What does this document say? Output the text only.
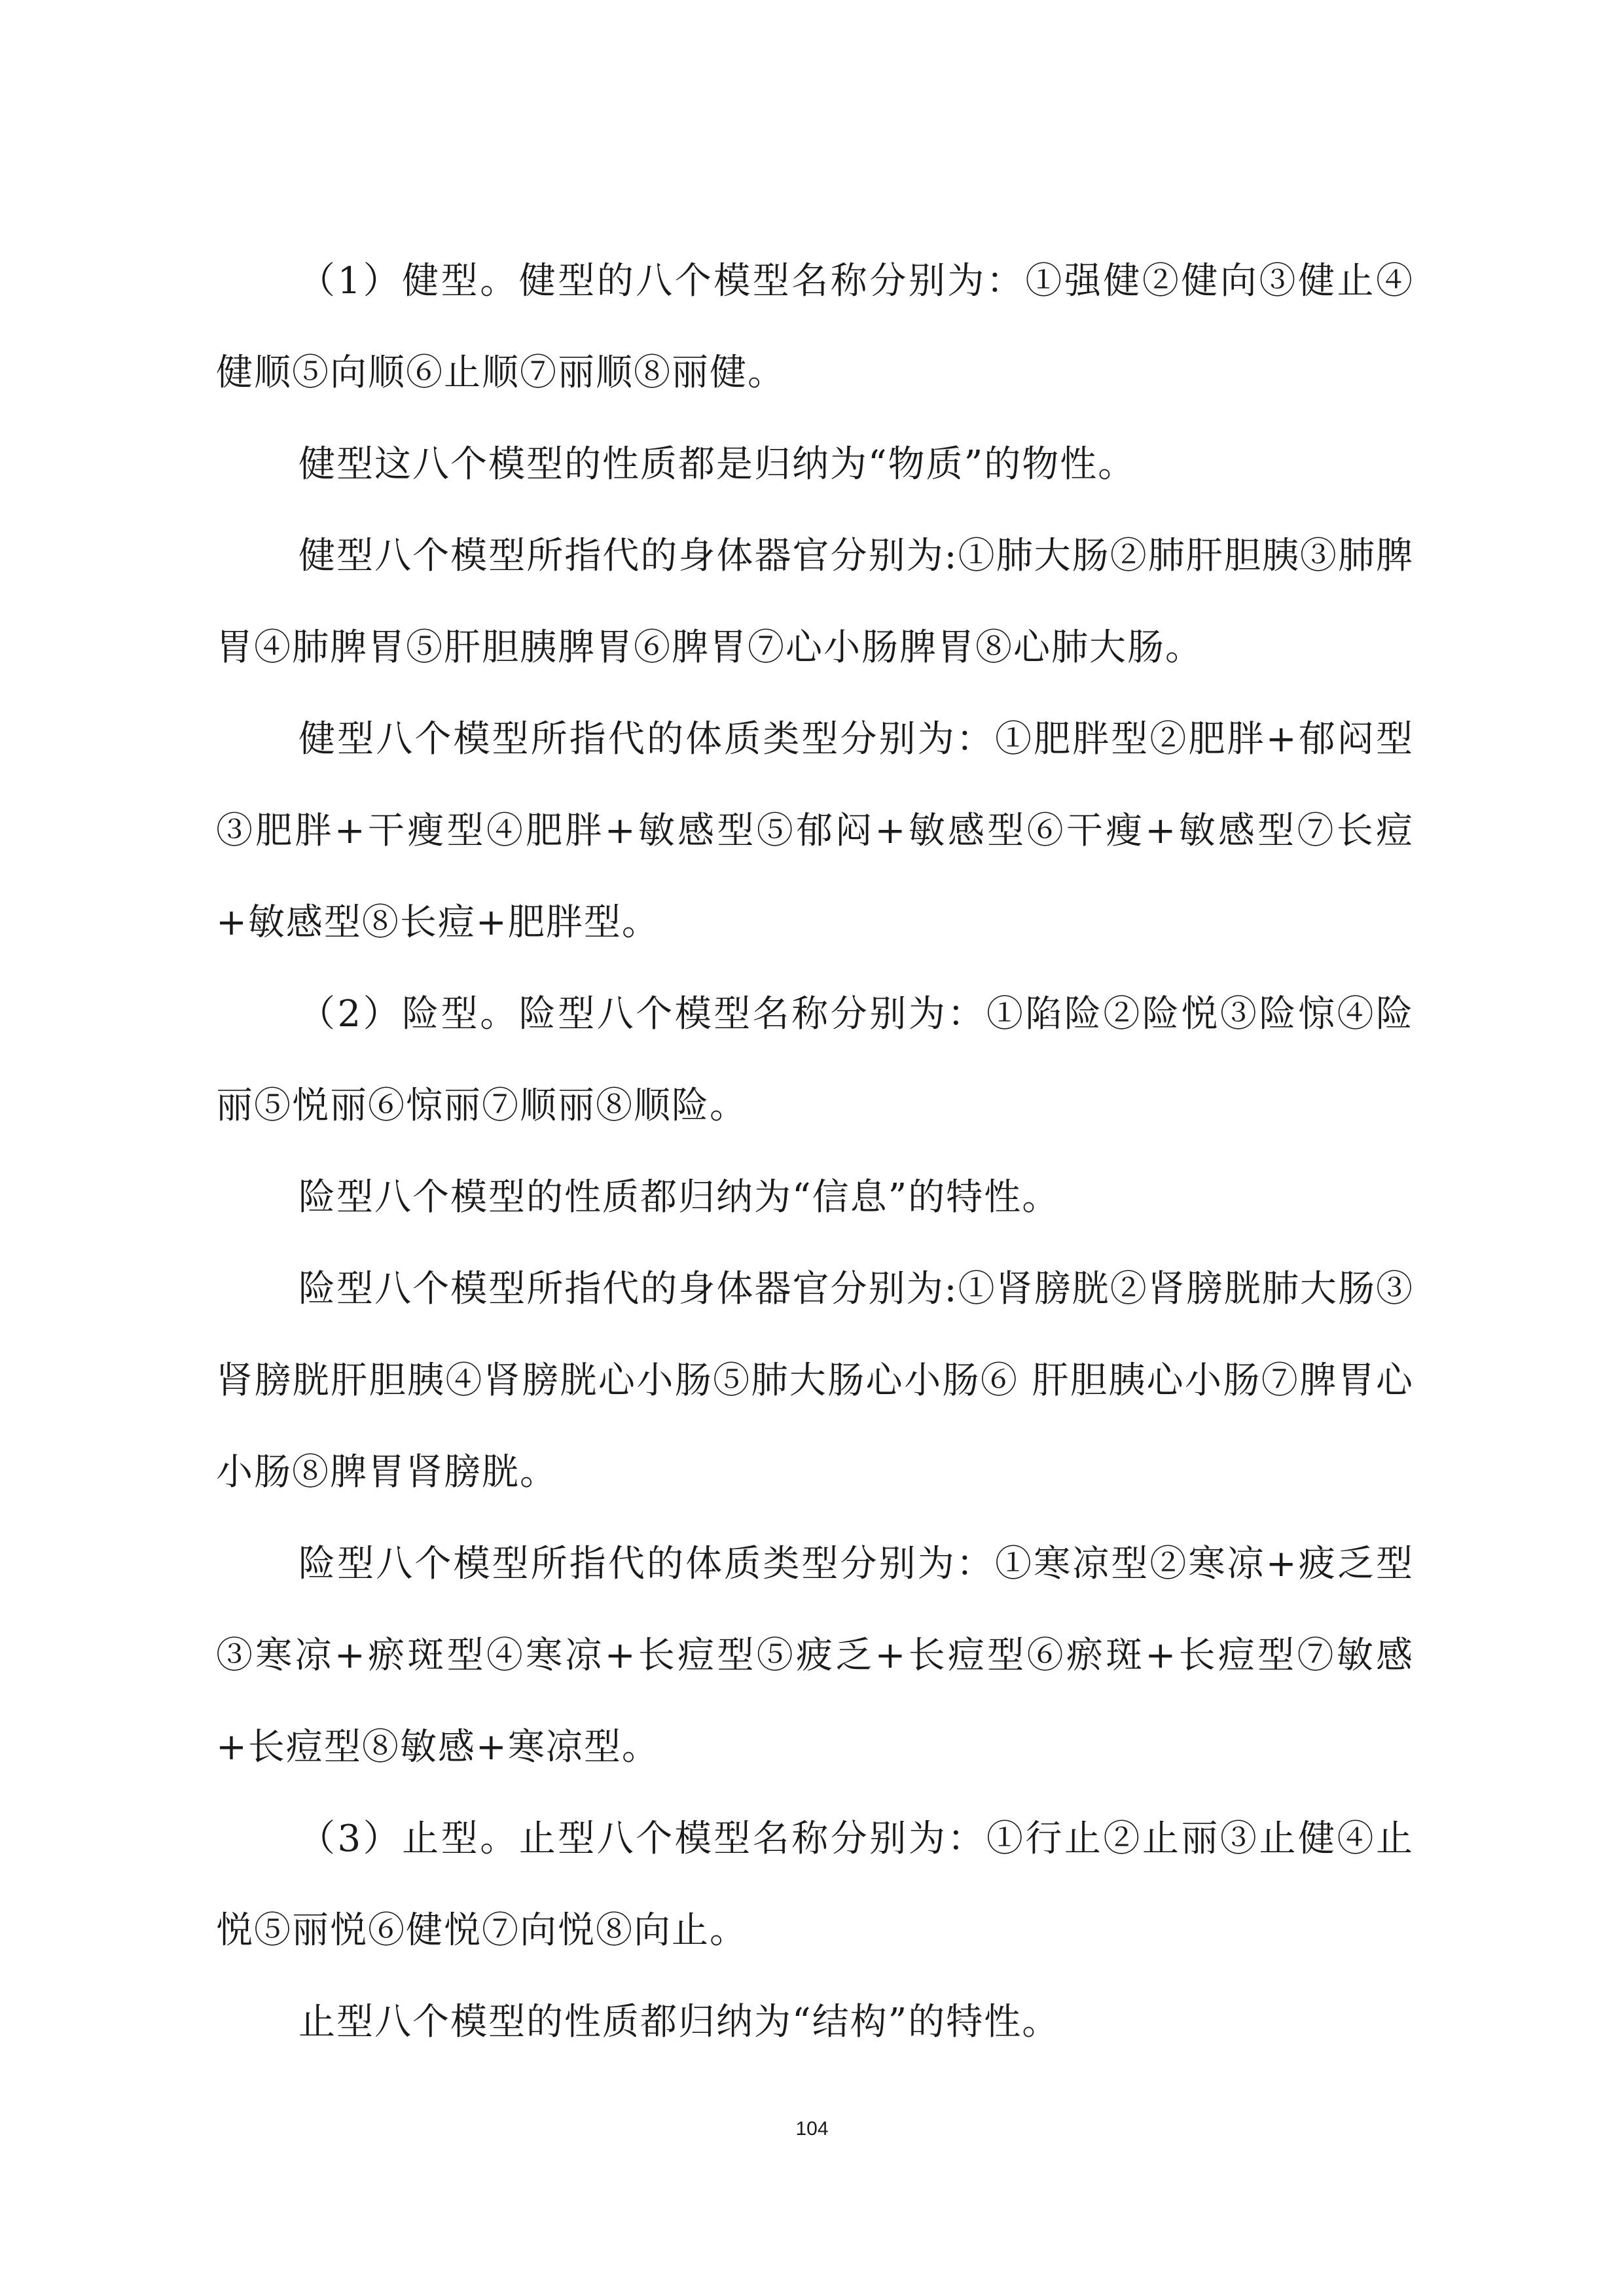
（1）健型。健型的八个模型名称分别为：①强健②健向③健止④健顺⑤向顺⑥止顺⑦丽顺⑧丽健。

健型这八个模型的性质都是归纳为“物质”的物性。

健型八个模型所指代的身体器官分别为:①肺大肠②肺肝胆胰③肺脾胃④肺脾胃⑤肝胆胰脾胃⑥脾胃⑦心小肠脾胃⑧心肺大肠。

健型八个模型所指代的体质类型分别为：①肥胖型②肥胖+郁闷型③肥胖+干瘦型④肥胖+敏感型⑤郁闷+敏感型⑥干瘦+敏感型⑦长痘+敏感型⑧长痘+肥胖型。

（2）险型。险型八个模型名称分别为：①陷险②险悦③险惊④险丽⑤悦丽⑥惊丽⑦顺丽⑧顺险。

险型八个模型的性质都归纳为“信息”的特性。

险型八个模型所指代的身体器官分别为:①肾膀胱②肾膀胱肺大肠③肾膀胱肝胆胰④肾膀胱心小肠⑤肺大肠心小肠⑥ 肝胆胰心小肠⑦脾胃心小肠⑧脾胃肾膀胱。

险型八个模型所指代的体质类型分别为：①寒凉型②寒凉+疲乏型③寒凉+瘀斑型④寒凉+长痘型⑤疲乏+长痘型⑥瘀斑+长痘型⑦敏感+长痘型⑧敏感+寒凉型。

（3）止型。止型八个模型名称分别为：①行止②止丽③止健④止悦⑤丽悦⑥健悦⑦向悦⑧向止。

止型八个模型的性质都归纳为“结构”的特性。

104
